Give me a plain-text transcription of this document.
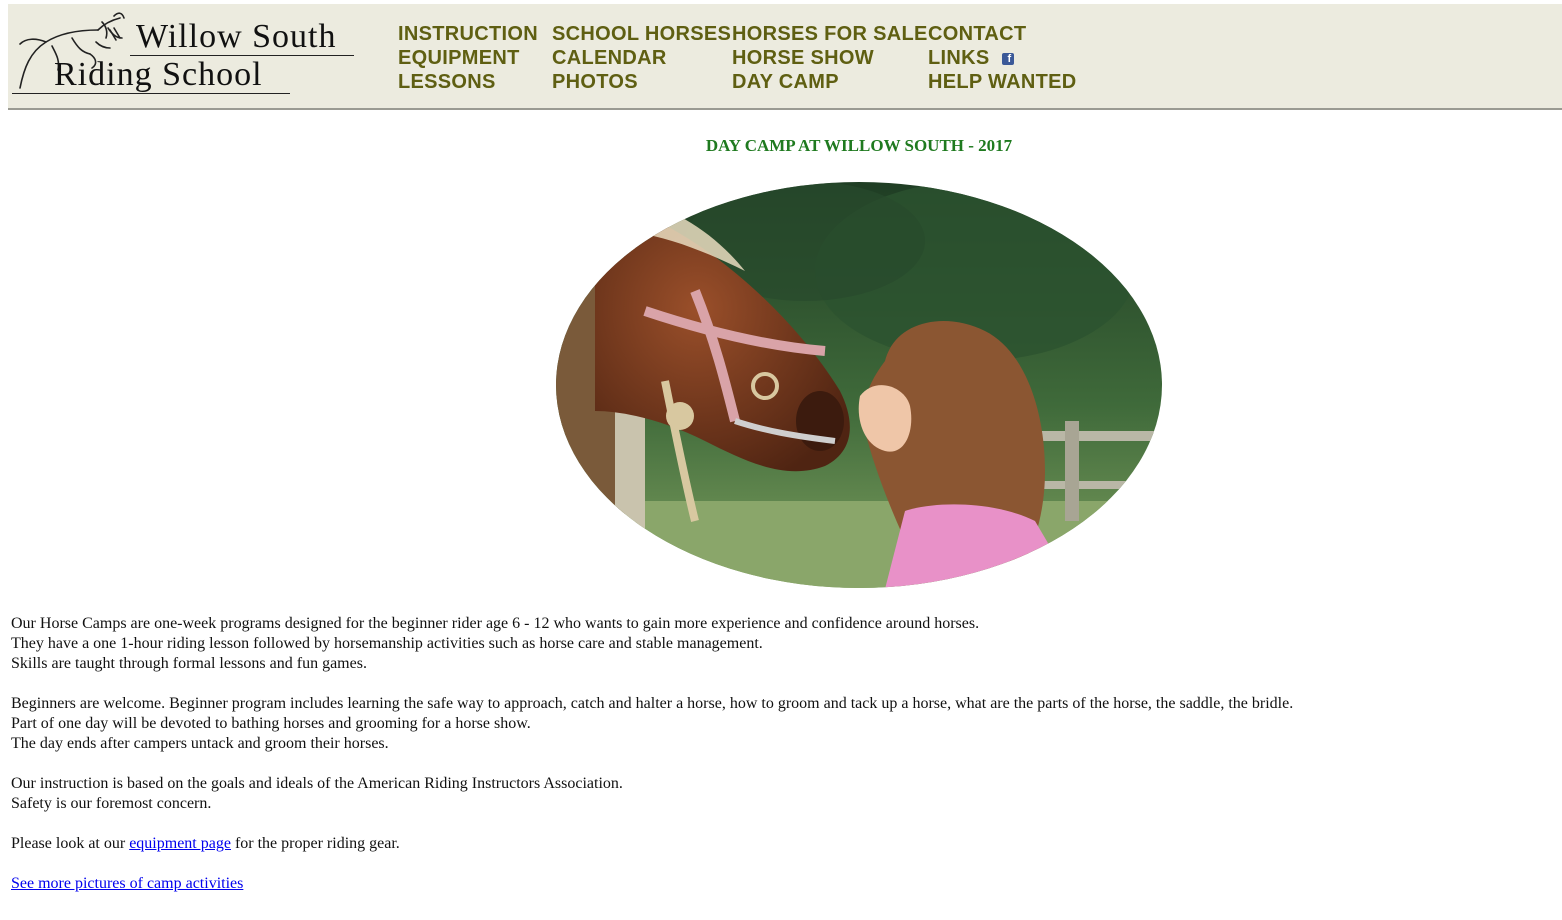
Willow South
Riding School
INSTRUCTION
EQUIPMENT
LESSONS
SCHOOL HORSES
CALENDAR
PHOTOS
HORSES FOR SALE
HORSE SHOW
DAY CAMP
CONTACT
LINKS f
HELP WANTED
DAY CAMP AT WILLOW SOUTH - 2017

Our Horse Camps are one-week programs designed for the beginner rider age 6 - 12 who wants to gain more experience and confidence around horses.
They have a one 1-hour riding lesson followed by horsemanship activities such as horse care and stable management.
Skills are taught through formal lessons and fun games.

Beginners are welcome. Beginner program includes learning the safe way to approach, catch and halter a horse, how to groom and tack up a horse, what are the parts of the horse, the saddle, the bridle.
Part of one day will be devoted to bathing horses and grooming for a horse show.
The day ends after campers untack and groom their horses.

Our instruction is based on the goals and ideals of the American Riding Instructors Association.
Safety is our foremost concern.

Please look at our equipment page for the proper riding gear.

See more pictures of camp activities
